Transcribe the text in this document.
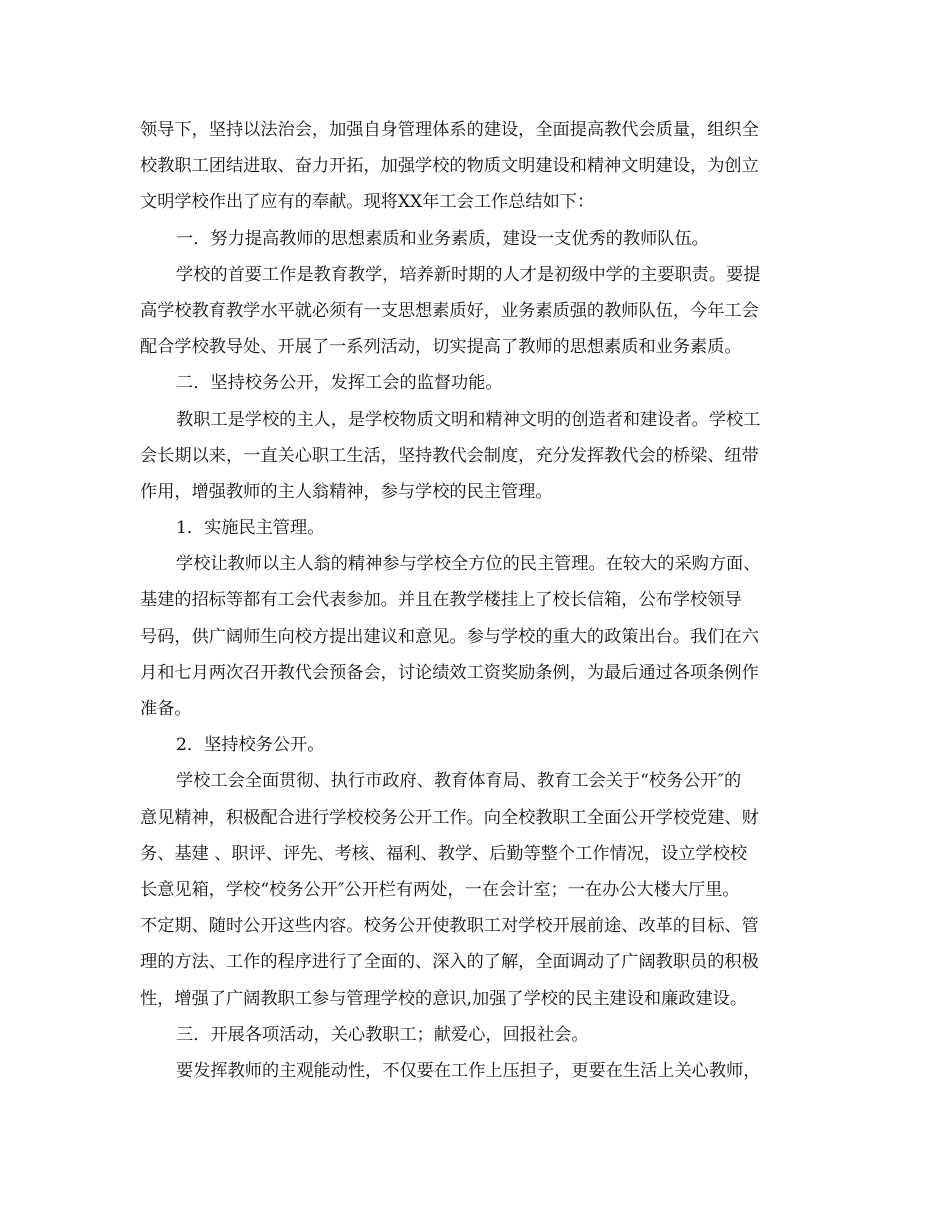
领导下，坚持以法治会，加强自身管理体系的建设，全面提高教代会质量，组织全
校教职工团结进取、奋力开拓，加强学校的物质文明建设和精神文明建设，为创立
文明学校作出了应有的奉献。现将XX年工会工作总结如下：
一．努力提高教师的思想素质和业务素质，建设一支优秀的教师队伍。
学校的首要工作是教育教学，培养新时期的人才是初级中学的主要职责。要提
高学校教育教学水平就必须有一支思想素质好，业务素质强的教师队伍，今年工会
配合学校教导处、开展了一系列活动，切实提高了教师的思想素质和业务素质。
二．坚持校务公开，发挥工会的监督功能。
教职工是学校的主人，是学校物质文明和精神文明的创造者和建设者。学校工
会长期以来，一直关心职工生活，坚持教代会制度，充分发挥教代会的桥梁、纽带
作用，增强教师的主人翁精神，参与学校的民主管理。
1．实施民主管理。
学校让教师以主人翁的精神参与学校全方位的民主管理。在较大的采购方面、
基建的招标等都有工会代表参加。并且在教学楼挂上了校长信箱，公布学校领导
号码，供广阔师生向校方提出建议和意见。参与学校的重大的政策出台。我们在六
月和七月两次召开教代会预备会，讨论绩效工资奖励条例，为最后通过各项条例作
准备。
2．坚持校务公开。
学校工会全面贯彻、执行市政府、教育体育局、教育工会关于“校务公开″的
意见精神，积极配合进行学校校务公开工作。向全校教职工全面公开学校党建、财
务、基建 、职评、评先、考核、福利、教学、后勤等整个工作情况，设立学校校
长意见箱，学校“校务公开″公开栏有两处，一在会计室；一在办公大楼大厅里。
不定期、随时公开这些内容。校务公开使教职工对学校开展前途、改革的目标、管
理的方法、工作的程序进行了全面的、深入的了解，全面调动了广阔教职员的积极
性，增强了广阔教职工参与管理学校的意识,加强了学校的民主建设和廉政建设。
三．开展各项活动，关心教职工；献爱心，回报社会。
要发挥教师的主观能动性，不仅要在工作上压担子，更要在生活上关心教师，
